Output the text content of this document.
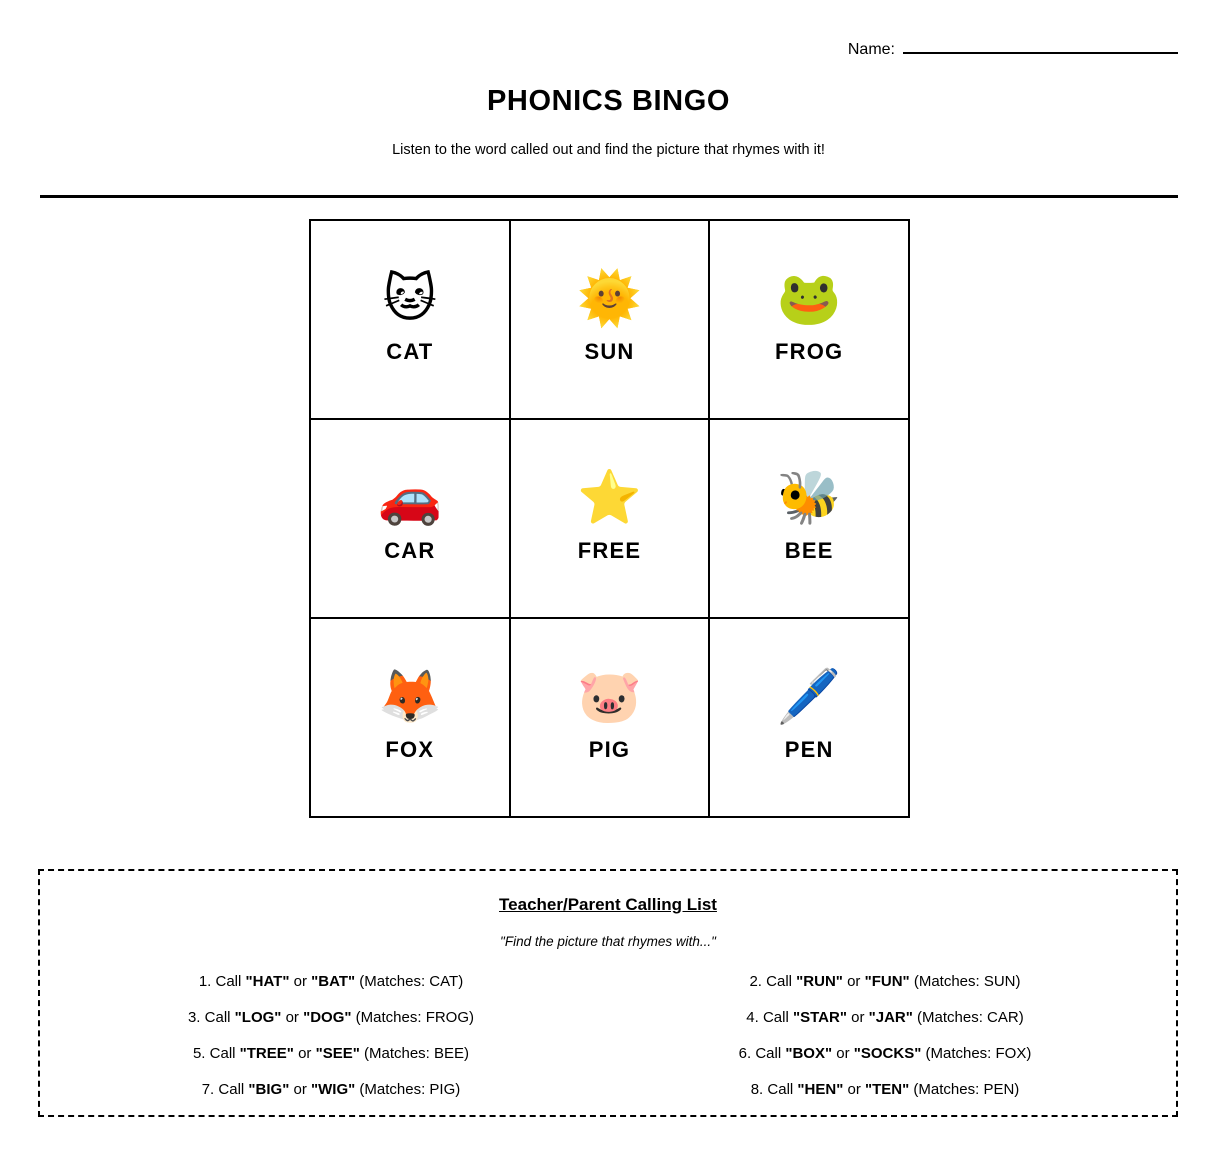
Name:
PHONICS BINGO
Listen to the word called out and find the picture that rhymes with it!
🐱
CAT
🌞
SUN
🐸
FROG
🚗
CAR
⭐
FREE
🐝
BEE
🦊
FOX
🐷
PIG
🖊️
PEN
Teacher/Parent Calling List
"Find the picture that rhymes with..."
1. Call "HAT" or "BAT" (Matches: CAT)	2. Call "RUN" or "FUN" (Matches: SUN)
3. Call "LOG" or "DOG" (Matches: FROG)	4. Call "STAR" or "JAR" (Matches: CAR)
5. Call "TREE" or "SEE" (Matches: BEE)	6. Call "BOX" or "SOCKS" (Matches: FOX)
7. Call "BIG" or "WIG" (Matches: PIG)	8. Call "HEN" or "TEN" (Matches: PEN)
